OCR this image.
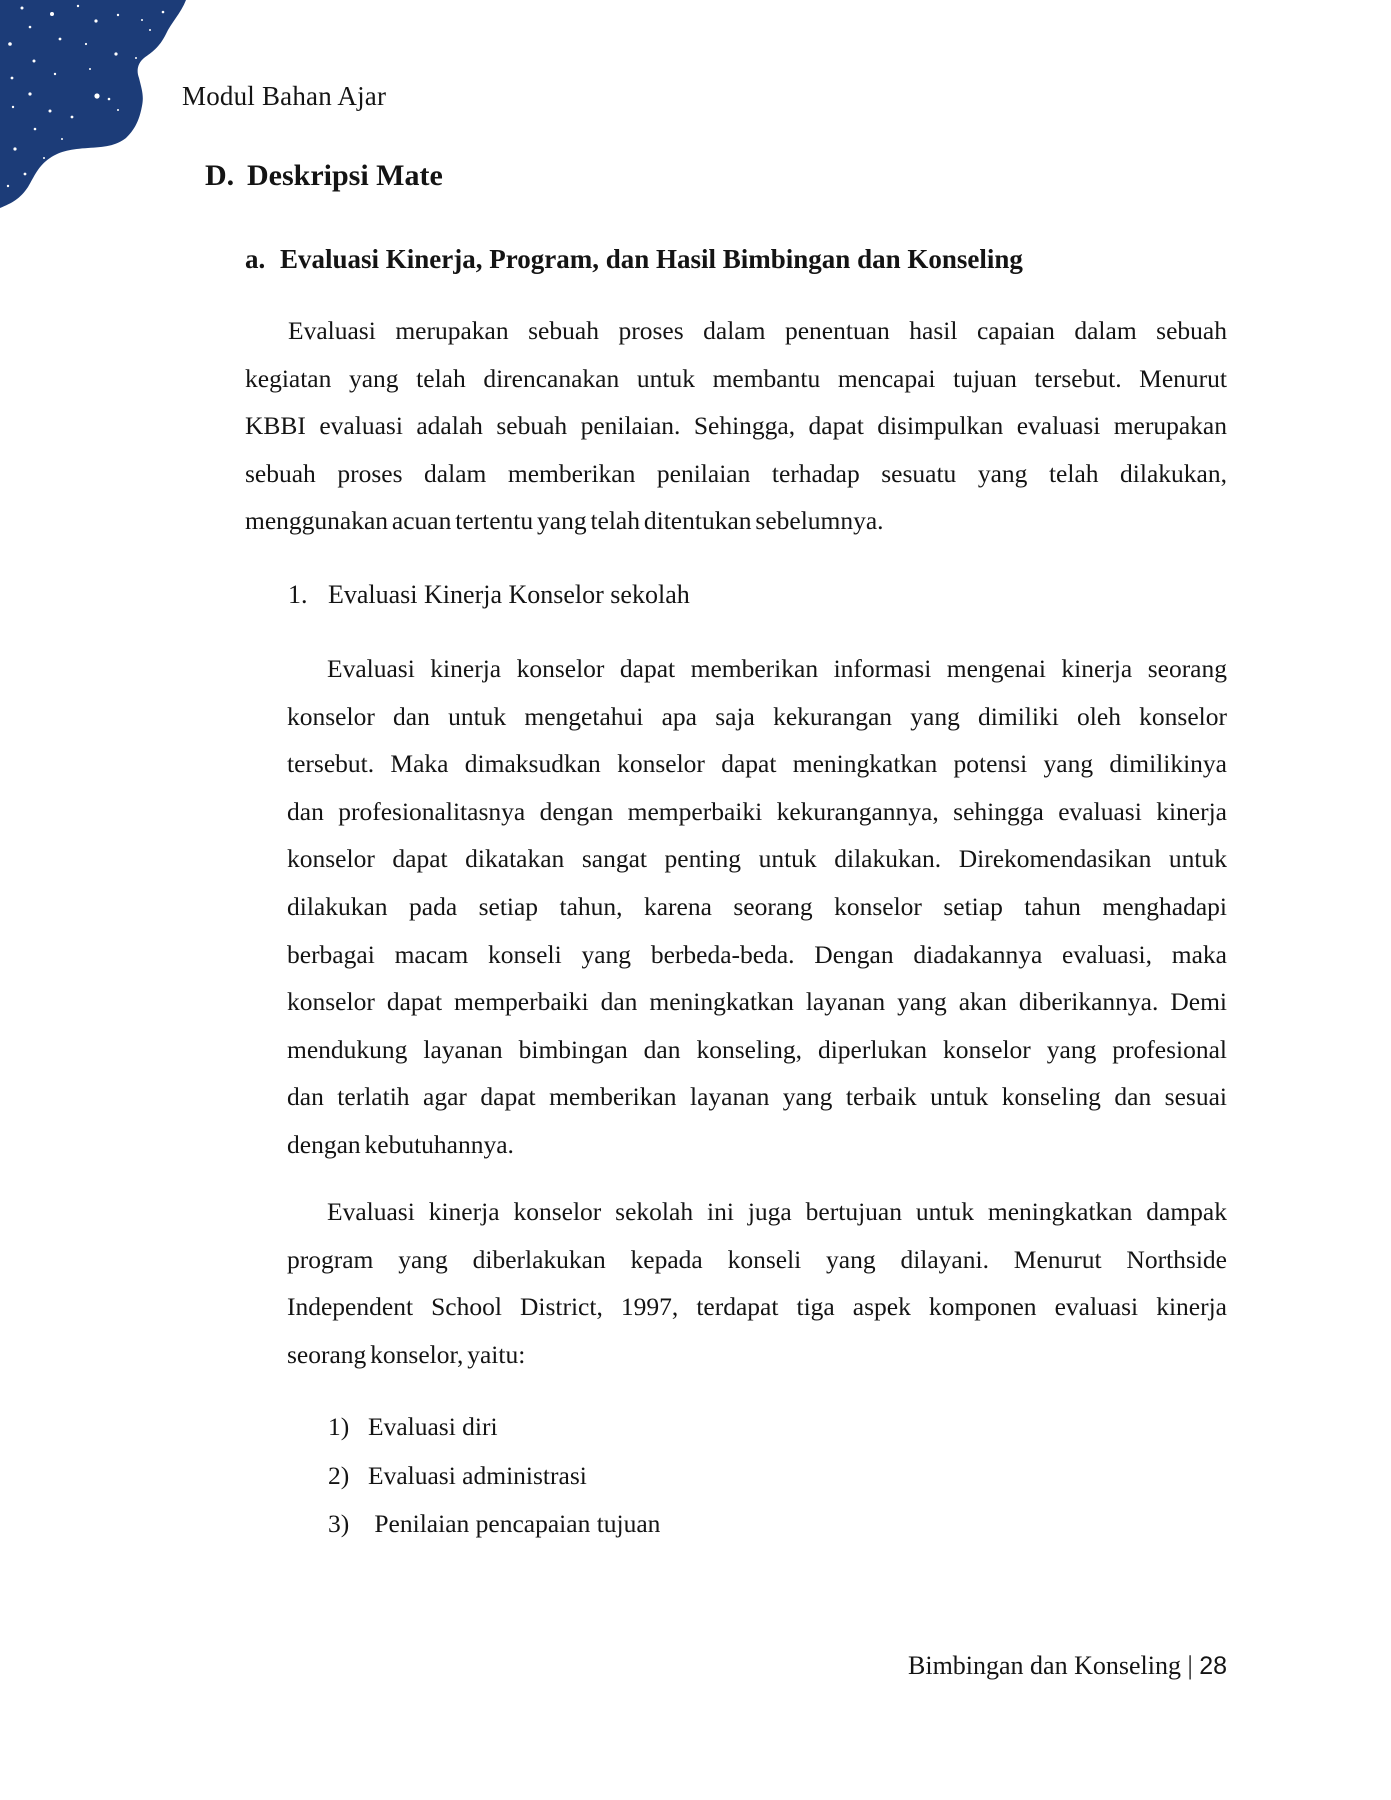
Modul Bahan Ajar
D. Deskripsi Mate
a. Evaluasi Kinerja, Program, dan Hasil Bimbingan dan Konseling
Evaluasi merupakan sebuah proses dalam penentuan hasil capaian dalam sebuah
kegiatan yang telah direncanakan untuk membantu mencapai tujuan tersebut. Menurut
KBBI evaluasi adalah sebuah penilaian. Sehingga, dapat disimpulkan evaluasi merupakan
sebuah proses dalam memberikan penilaian terhadap sesuatu yang telah dilakukan,
menggunakan acuan tertentu yang telah ditentukan sebelumnya.
1. Evaluasi Kinerja Konselor sekolah
Evaluasi kinerja konselor dapat memberikan informasi mengenai kinerja seorang
konselor dan untuk mengetahui apa saja kekurangan yang dimiliki oleh konselor
tersebut. Maka dimaksudkan konselor dapat meningkatkan potensi yang dimilikinya
dan profesionalitasnya dengan memperbaiki kekurangannya, sehingga evaluasi kinerja
konselor dapat dikatakan sangat penting untuk dilakukan. Direkomendasikan untuk
dilakukan pada setiap tahun, karena seorang konselor setiap tahun menghadapi
berbagai macam konseli yang berbeda-beda. Dengan diadakannya evaluasi, maka
konselor dapat memperbaiki dan meningkatkan layanan yang akan diberikannya. Demi
mendukung layanan bimbingan dan konseling, diperlukan konselor yang profesional
dan terlatih agar dapat memberikan layanan yang terbaik untuk konseling dan sesuai
dengan kebutuhannya.
Evaluasi kinerja konselor sekolah ini juga bertujuan untuk meningkatkan dampak
program yang diberlakukan kepada konseli yang dilayani. Menurut Northside
Independent School District, 1997, terdapat tiga aspek komponen evaluasi kinerja
seorang konselor, yaitu:
1) Evaluasi diri
2) Evaluasi administrasi
3) Penilaian pencapaian tujuan
Bimbingan dan Konseling | 28
